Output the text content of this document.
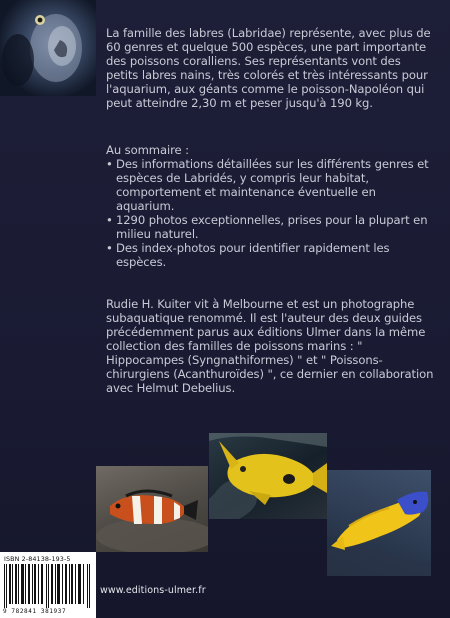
La famille des labres (Labridae) représente, avec plus de 60 genres et quelque 500 espèces, une part importante des poissons coralliens. Ses représentants vont des petits labres nains, très colorés et très intéressants pour l'aquarium, aux géants comme le poisson-Napoléon qui peut atteindre 2,30 m et peser jusqu'à 190 kg.

Au sommaire :

• Des informations détaillées sur les différents genres et espèces de Labridés, y compris leur habitat, comportement et maintenance éventuelle en aquarium.
• 1290 photos exceptionnelles, prises pour la plupart en milieu naturel.
• Des index-photos pour identifier rapidement les espèces.

Rudie H. Kuiter vit à Melbourne et est un photographe subaquatique renommé. Il est l'auteur des deux guides précédemment parus aux éditions Ulmer dans la même collection des familles de poissons marins : " Hippocampes (Syngnathiformes) " et " Poissons-chirurgiens (Acanthuroïdes) ", ce dernier en collaboration avec Helmut Debelius.

ISBN 2-84138-193-5
9 782841 381937
www.editions-ulmer.fr
